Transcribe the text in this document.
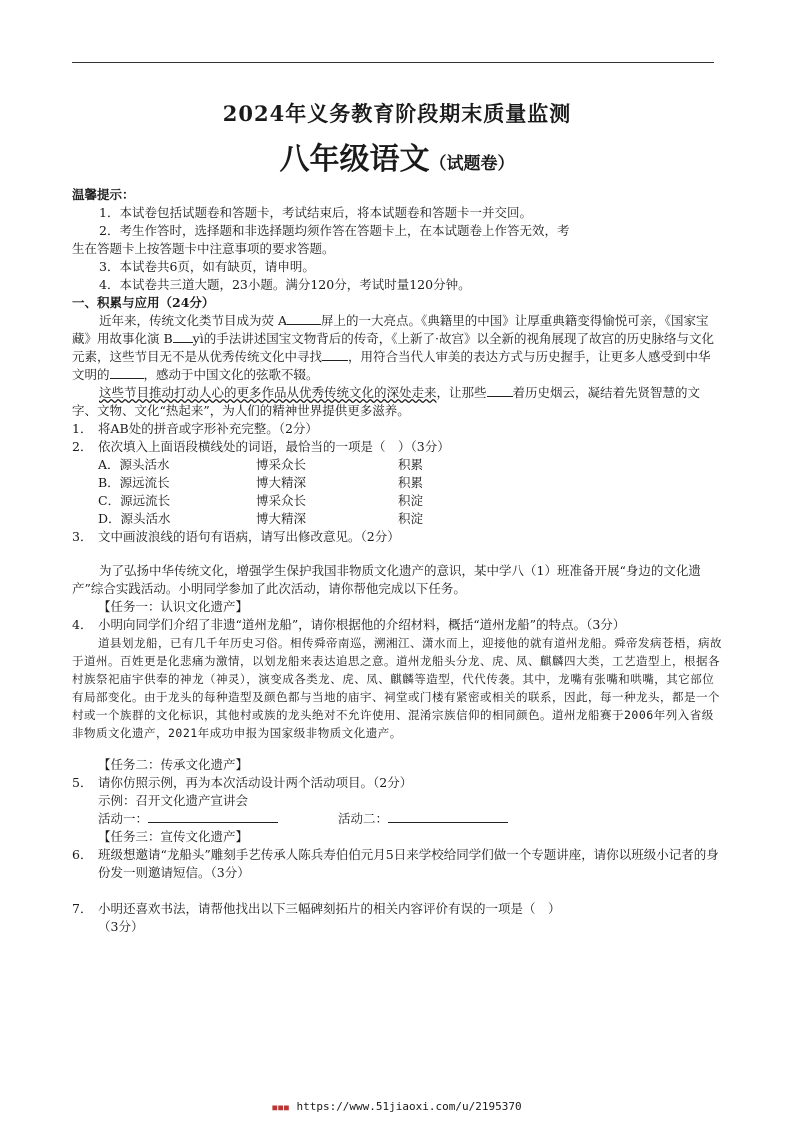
2024年义务教育阶段期末质量监测
八年级语文（试题卷）

温馨提示：

1．本试卷包括试题卷和答题卡，考试结束后，将本试题卷和答题卡一并交回。

2．考生作答时，选择题和非选择题均须作答在答题卡上，在本试题卷上作答无效，考

生在答题卡上按答题卡中注意事项的要求答题。

3．本试卷共6页，如有缺页，请申明。

4．本试卷共三道大题，23小题。满分120分，考试时量120分钟。

一、积累与应用（24分）

近年来，传统文化类节目成为荧 A	屏上的一大亮点。《典籍里的中国》让厚重典籍变得愉悦可亲，《国家宝藏》用故事化演 B yì的手法讲述国宝文物背后的传奇，《上新了·故宫》以全新的视角展现了故宫的历史脉络与文化元素，这些节目无不是从优秀传统文化中寻找 ，用符合当代人审美的表达方式与历史握手，让更多人感受到中华文明的	，感动于中国文化的弦歌不辍。

这些节目推动打动人心的更多作品从优秀传统文化的深处走来，让那些 着历史烟云，凝结着先贤智慧的文字、文物、文化“热起来”，为人们的精神世界提供更多滋养。

1． 将AB处的拼音或字形补充完整。（2分）
2． 依次填入上面语段横线处的词语，最恰当的一项是（　）（3分）
A．源头活水	博采众长	积累
B．源远流长	博大精深	积累
C．源远流长	博采众长	积淀
D．源头活水	博大精深	积淀
3． 文中画波浪线的语句有语病，请写出修改意见。（2分）

为了弘扬中华传统文化，增强学生保护我国非物质文化遗产的意识，某中学八（1）班准备开展“身边的文化遗产”综合实践活动。小明同学参加了此次活动，请你帮他完成以下任务。

【任务一：认识文化遗产】

4． 小明向同学们介绍了非遗“道州龙船”，请你根据他的介绍材料，概括“道州龙船”的特点。（3分）

道县划龙船，已有几千年历史习俗。相传舜帝南巡，溯湘江、潇水而上，迎接他的就有道州龙船。舜帝发病苍梧，病故于道州。百姓更是化悲痛为激情，以划龙船来表达追思之意。道州龙船头分龙、虎、凤、麒麟四大类，工艺造型上，根据各村族祭祀庙宇供奉的神龙（神灵），演变成各类龙、虎、凤、麒麟等造型，代代传袭。其中，龙嘴有张嘴和哄嘴，其它部位有局部变化。由于龙头的每种造型及颜色都与当地的庙宇、祠堂或门楼有紧密或相关的联系，因此，每一种龙头，都是一个村或一个族群的文化标识，其他村或族的龙头绝对不允许使用、混淆宗族信仰的相同颜色。道州龙船赛于2006年列入省级非物质文化遗产，2021年成功申报为国家级非物质文化遗产。

【任务二：传承文化遗产】

5． 请你仿照示例，再为本次活动设计两个活动项目。（2分）

示例：召开文化遗产宣讲会

活动一：	活动二：

【任务三：宣传文化遗产】

6． 班级想邀请“龙船头”雕刻手艺传承人陈兵寿伯伯元月5日来学校给同学们做一个专题讲座，请你以班级小记者的身份发一则邀请短信。（3分）
7． 小明还喜欢书法，请帮他找出以下三幅碑刻拓片的相关内容评价有误的一项是（　）

（3分）

■■■ https://www.51jiaoxi.com/u/2195370
